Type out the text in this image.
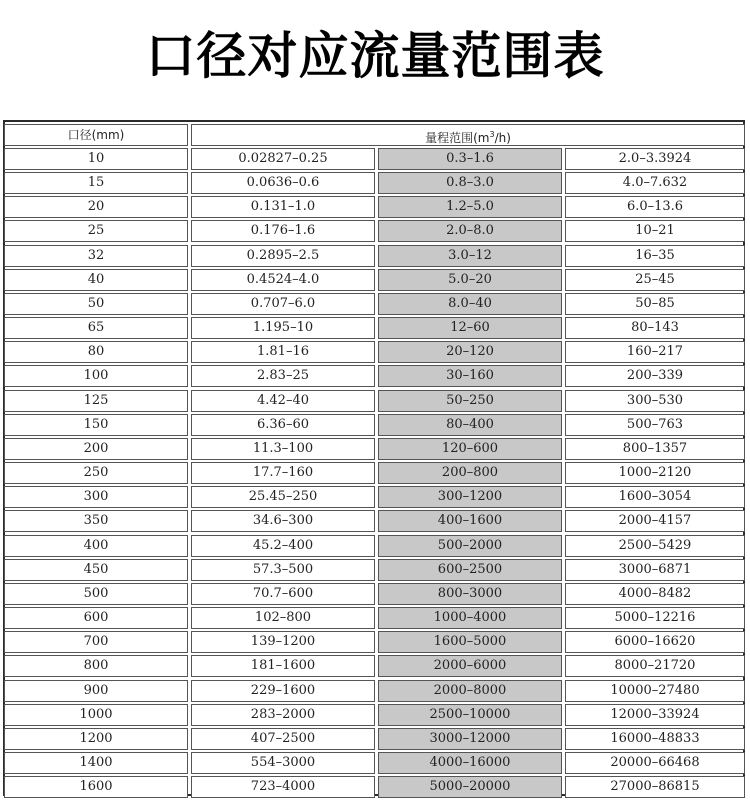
口径对应流量范围表
口径(mm)	量程范围$(m^3/h)$
10	0.02827–0.25	0.3–1.6	2.0–3.3924
15	0.0636–0.6	0.8–3.0	4.0–7.632
20	0.131–1.0	1.2–5.0	6.0–13.6
25	0.176–1.6	2.0–8.0	10–21
32	0.2895–2.5	3.0–12	16–35
40	0.4524–4.0	5.0–20	25–45
50	0.707–6.0	8.0–40	50–85
65	1.195–10	12–60	80–143
80	1.81–16	20–120	160–217
100	2.83–25	30–160	200–339
125	4.42–40	50–250	300–530
150	6.36–60	80–400	500–763
200	11.3–100	120–600	800–1357
250	17.7–160	200–800	1000–2120
300	25.45–250	300–1200	1600–3054
350	34.6–300	400–1600	2000–4157
400	45.2–400	500–2000	2500–5429
450	57.3–500	600–2500	3000–6871
500	70.7–600	800–3000	4000–8482
600	102–800	1000–4000	5000–12216
700	139–1200	1600–5000	6000–16620
800	181–1600	2000–6000	8000–21720
900	229–1600	2000–8000	10000–27480
1000	283–2000	2500–10000	12000–33924
1200	407–2500	3000–12000	16000–48833
1400	554–3000	4000–16000	20000–66468
1600	723–4000	5000–20000	27000–86815
